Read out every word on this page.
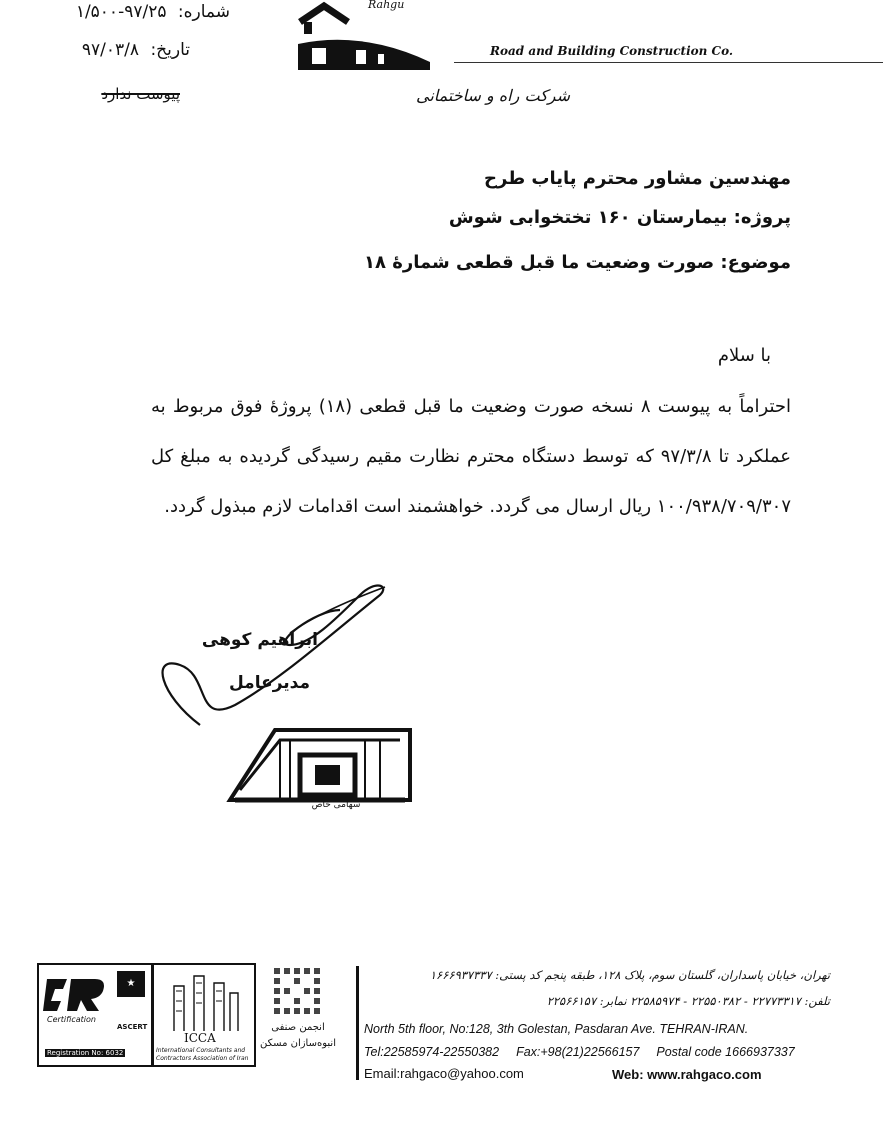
شماره: ۹۷/۲۵-۱/۵۰۰
تاریخ: ۹۷/۰۳/۸
پیوست ندارد
Rahgu
Road and Building Construction Co.
شرکت راه و ساختمانی
مهندسین مشاور محترم پایاب طرح
پروژه: بیمارستان ۱۶۰ تختخوابی شوش
موضوع: صورت وضعیت ما قبل قطعی شمارهٔ ۱۸
با سلام
احتراماً به پیوست ۸ نسخه صورت وضعیت ما قبل قطعی (۱۸) پروژهٔ فوق مربوط به عملکرد تا ۹۷/۳/۸ که توسط دستگاه محترم نظارت مقیم رسیدگی گردیده به مبلغ کل ۱۰۰/۹۳۸/۷۰۹/۳۰۷ ریال ارسال می گردد. خواهشمند است اقدامات لازم مبذول گردد.
ابراهیم کوهی
مدیرعامل
سهامی خاص
★
Certification
ASCERT
Registration No: 6032
ICCA
International Consultants and
Contractors Association of Iran
انجمن صنفی
انبوه‌سازان مسکن
تهران، خیابان پاسداران، گلستان سوم، پلاک ۱۲۸، طبقه پنجم کد پستی: ۱۶۶۶۹۳۷۳۳۷
تلفن: ۲۲۷۷۳۳۱۷ - ۲۲۵۵۰۳۸۲ - ۲۲۵۸۵۹۷۴ نمابر: ۲۲۵۶۶۱۵۷
North 5th floor, No:128, 3th Golestan, Pasdaran Ave. TEHRAN-IRAN.
Tel:22585974-22550382 Fax:+98(21)22566157 Postal code 1666937337
Email:rahgaco@yahoo.com	Web: www.rahgaco.com
